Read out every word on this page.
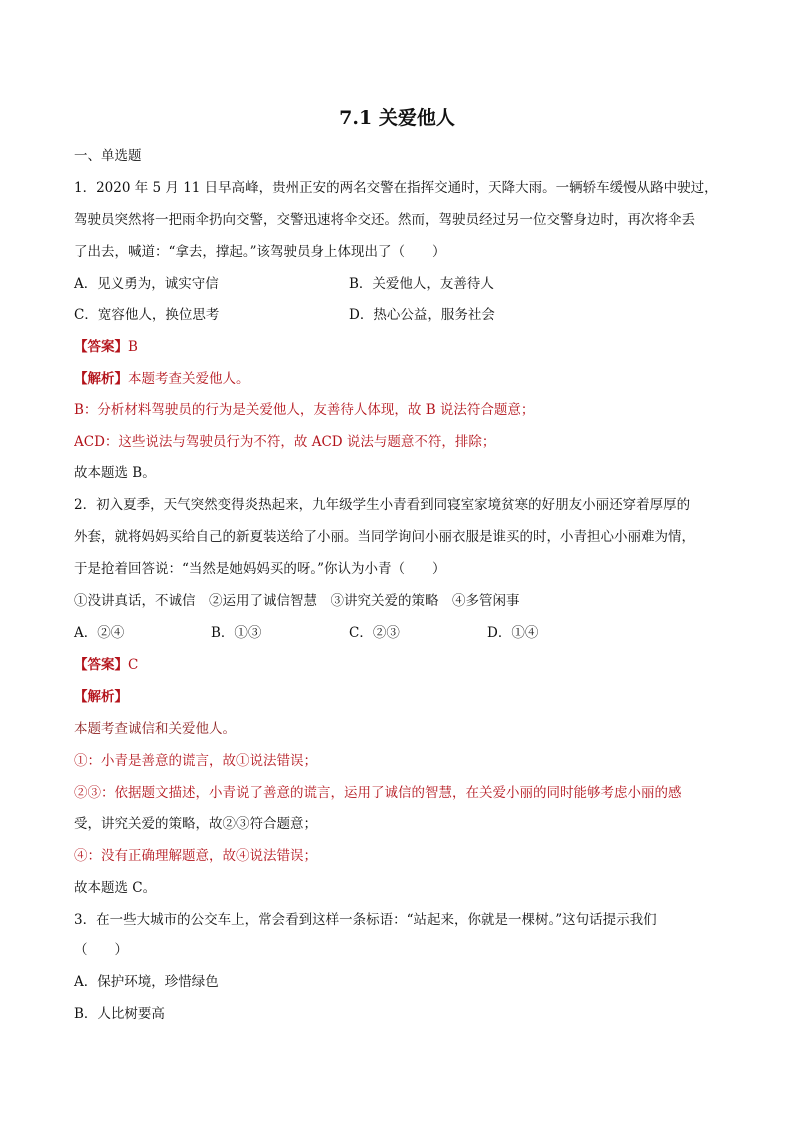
7.1 关爱他人
一、单选题
1．2020 年 5 月 11 日早高峰，贵州正安的两名交警在指挥交通时，天降大雨。一辆轿车缓慢从路中驶过，
驾驶员突然将一把雨伞扔向交警，交警迅速将伞交还。然而，驾驶员经过另一位交警身边时，再次将伞丢
了出去，喊道：“拿去，撑起。”该驾驶员身上体现出了（　　）
A．见义勇为，诚实守信	B．关爱他人，友善待人
C．宽容他人，换位思考	D．热心公益，服务社会
【答案】B
【解析】本题考查关爱他人。
B：分析材料驾驶员的行为是关爱他人，友善待人体现，故 B 说法符合题意；
ACD：这些说法与驾驶员行为不符，故 ACD 说法与题意不符，排除；
故本题选 B。
2．初入夏季，天气突然变得炎热起来，九年级学生小青看到同寝室家境贫寒的好朋友小丽还穿着厚厚的
外套，就将妈妈买给自己的新夏装送给了小丽。当同学询问小丽衣服是谁买的时，小青担心小丽难为情，
于是抢着回答说：“当然是她妈妈买的呀。”你认为小青（　　）
①没讲真话，不诚信　②运用了诚信智慧　③讲究关爱的策略　④多管闲事
A．②④	B．①③	C．②③	D．①④
【答案】C
【解析】
本题考查诚信和关爱他人。
①：小青是善意的谎言，故①说法错误；
②③：依据题文描述，小青说了善意的谎言，运用了诚信的智慧，在关爱小丽的同时能够考虑小丽的感
受，讲究关爱的策略，故②③符合题意；
④：没有正确理解题意，故④说法错误；
故本题选 C。
3．在一些大城市的公交车上，常会看到这样一条标语：“站起来，你就是一棵树。”这句话提示我们
（　　）
A．保护环境，珍惜绿色
B．人比树要高
